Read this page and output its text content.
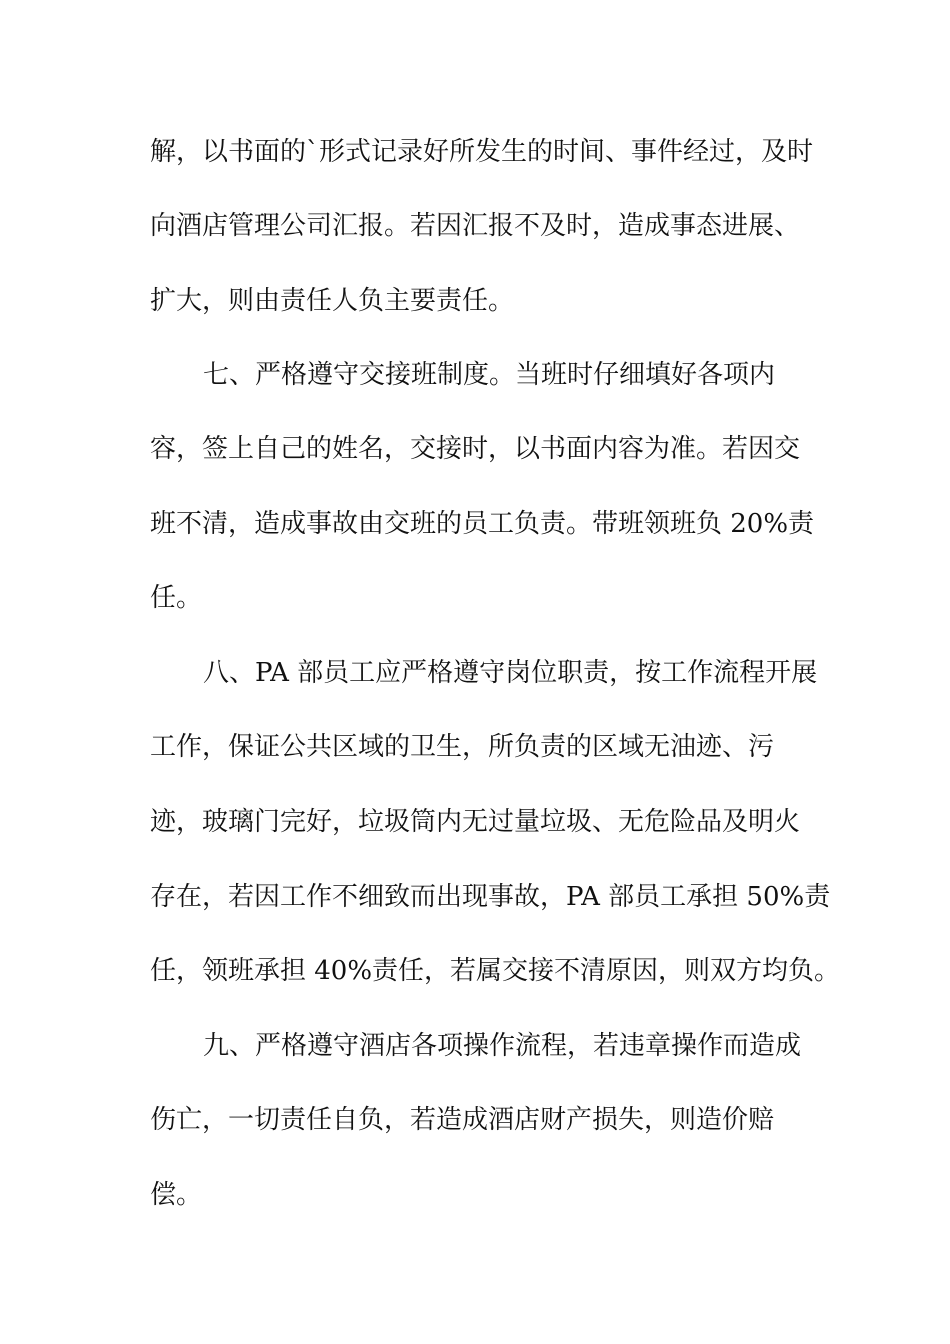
解，以书面的`形式记录好所发生的时间、事件经过，及时
向酒店管理公司汇报。若因汇报不及时，造成事态进展、
扩大，则由责任人负主要责任。
七、严格遵守交接班制度。当班时仔细填好各项内
容，签上自己的姓名，交接时，以书面内容为准。若因交
班不清，造成事故由交班的员工负责。带班领班负 20%责
任。
八、PA 部员工应严格遵守岗位职责，按工作流程开展
工作，保证公共区域的卫生，所负责的区域无油迹、污
迹，玻璃门完好，垃圾筒内无过量垃圾、无危险品及明火
存在，若因工作不细致而出现事故，PA 部员工承担 50%责
任，领班承担 40%责任，若属交接不清原因，则双方均负。
九、严格遵守酒店各项操作流程，若违章操作而造成
伤亡，一切责任自负，若造成酒店财产损失，则造价赔
偿。
